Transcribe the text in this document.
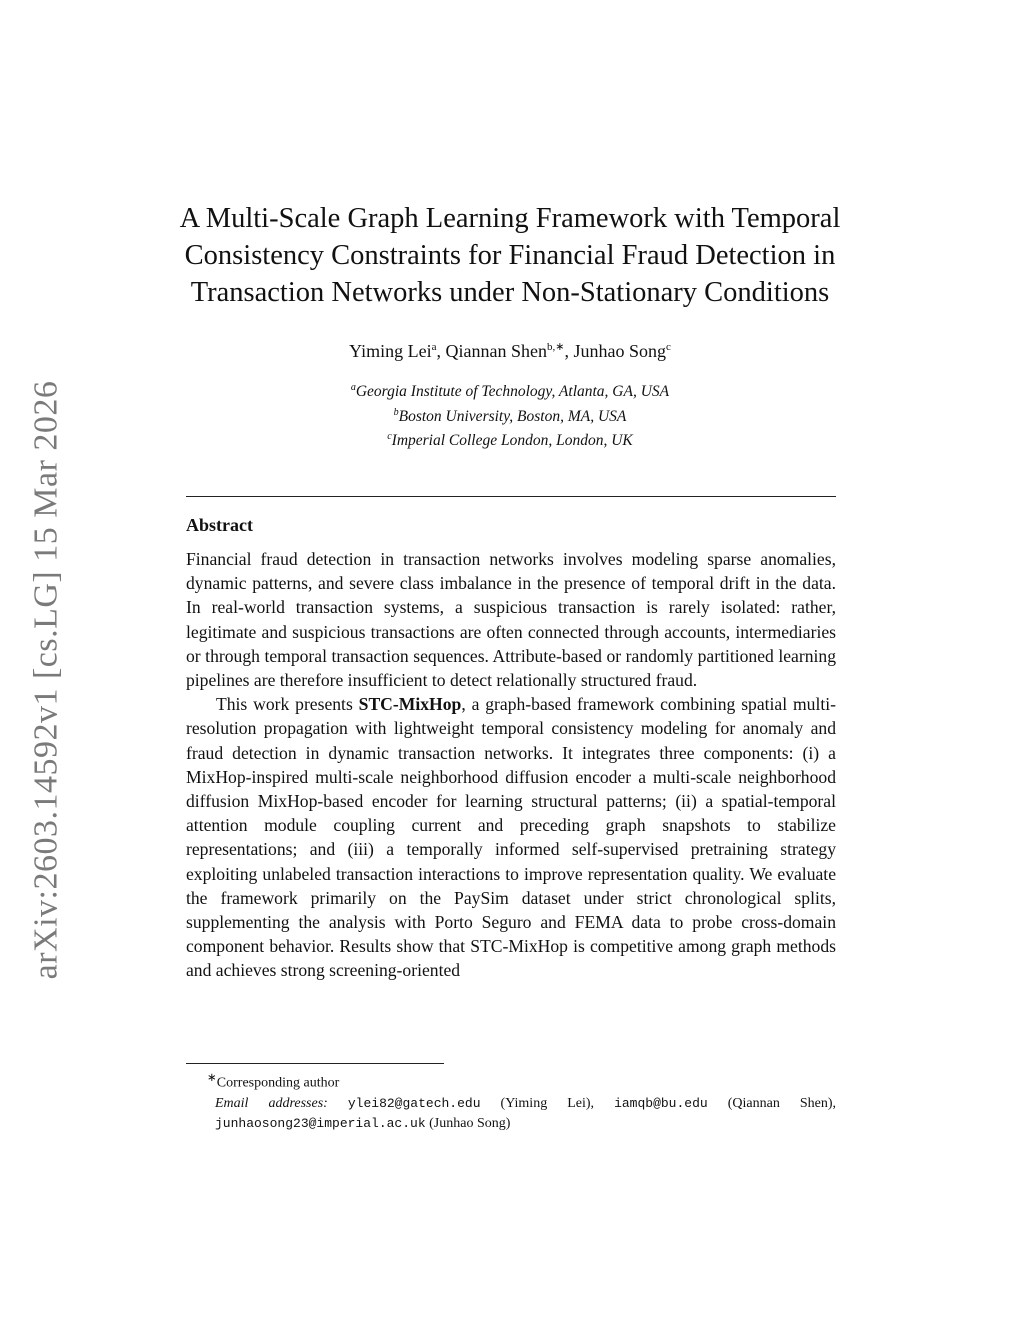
arXiv:2603.14592v1 [cs.LG] 15 Mar 2026
A Multi-Scale Graph Learning Framework with Temporal
Consistency Constraints for Financial Fraud Detection in
Transaction Networks under Non-Stationary Conditions
Yiming Lei$^a$, Qiannan Shen$^{b,∗}$, Junhao Song$^c$
$^a$Georgia Institute of Technology, Atlanta, GA, USA
$^b$Boston University, Boston, MA, USA
$^c$Imperial College London, London, UK
Abstract

Financial fraud detection in transaction networks involves modeling sparse anomalies, dynamic patterns, and severe class imbalance in the presence of temporal drift in the data. In real-world transaction systems, a suspicious transaction is rarely isolated: rather, legitimate and suspicious transactions are often connected through accounts, intermediaries or through temporal transaction sequences. Attribute-based or randomly partitioned learning pipelines are therefore insufficient to detect relationally structured fraud.

This work presents STC-MixHop, a graph-based framework combining spatial multi-resolution propagation with lightweight temporal consistency modeling for anomaly and fraud detection in dynamic transaction networks. It integrates three components: (i) a MixHop-inspired multi-scale neighborhood diffusion encoder a multi-scale neighborhood diffusion MixHop-based encoder for learning structural patterns; (ii) a spatial-temporal attention module coupling current and preceding graph snapshots to stabilize representations; and (iii) a temporally informed self-supervised pretraining strategy exploiting unlabeled transaction interactions to improve representation quality. We evaluate the framework primarily on the PaySim dataset under strict chronological splits, supplementing the analysis with Porto Seguro and FEMA data to probe cross-domain component behavior. Results show that STC-MixHop is competitive among graph methods and achieves strong screening-oriented

∗Corresponding author
Email addresses: ylei82@gatech.edu (Yiming Lei), iamqb@bu.edu (Qiannan Shen), junhaosong23@imperial.ac.uk (Junhao Song)
